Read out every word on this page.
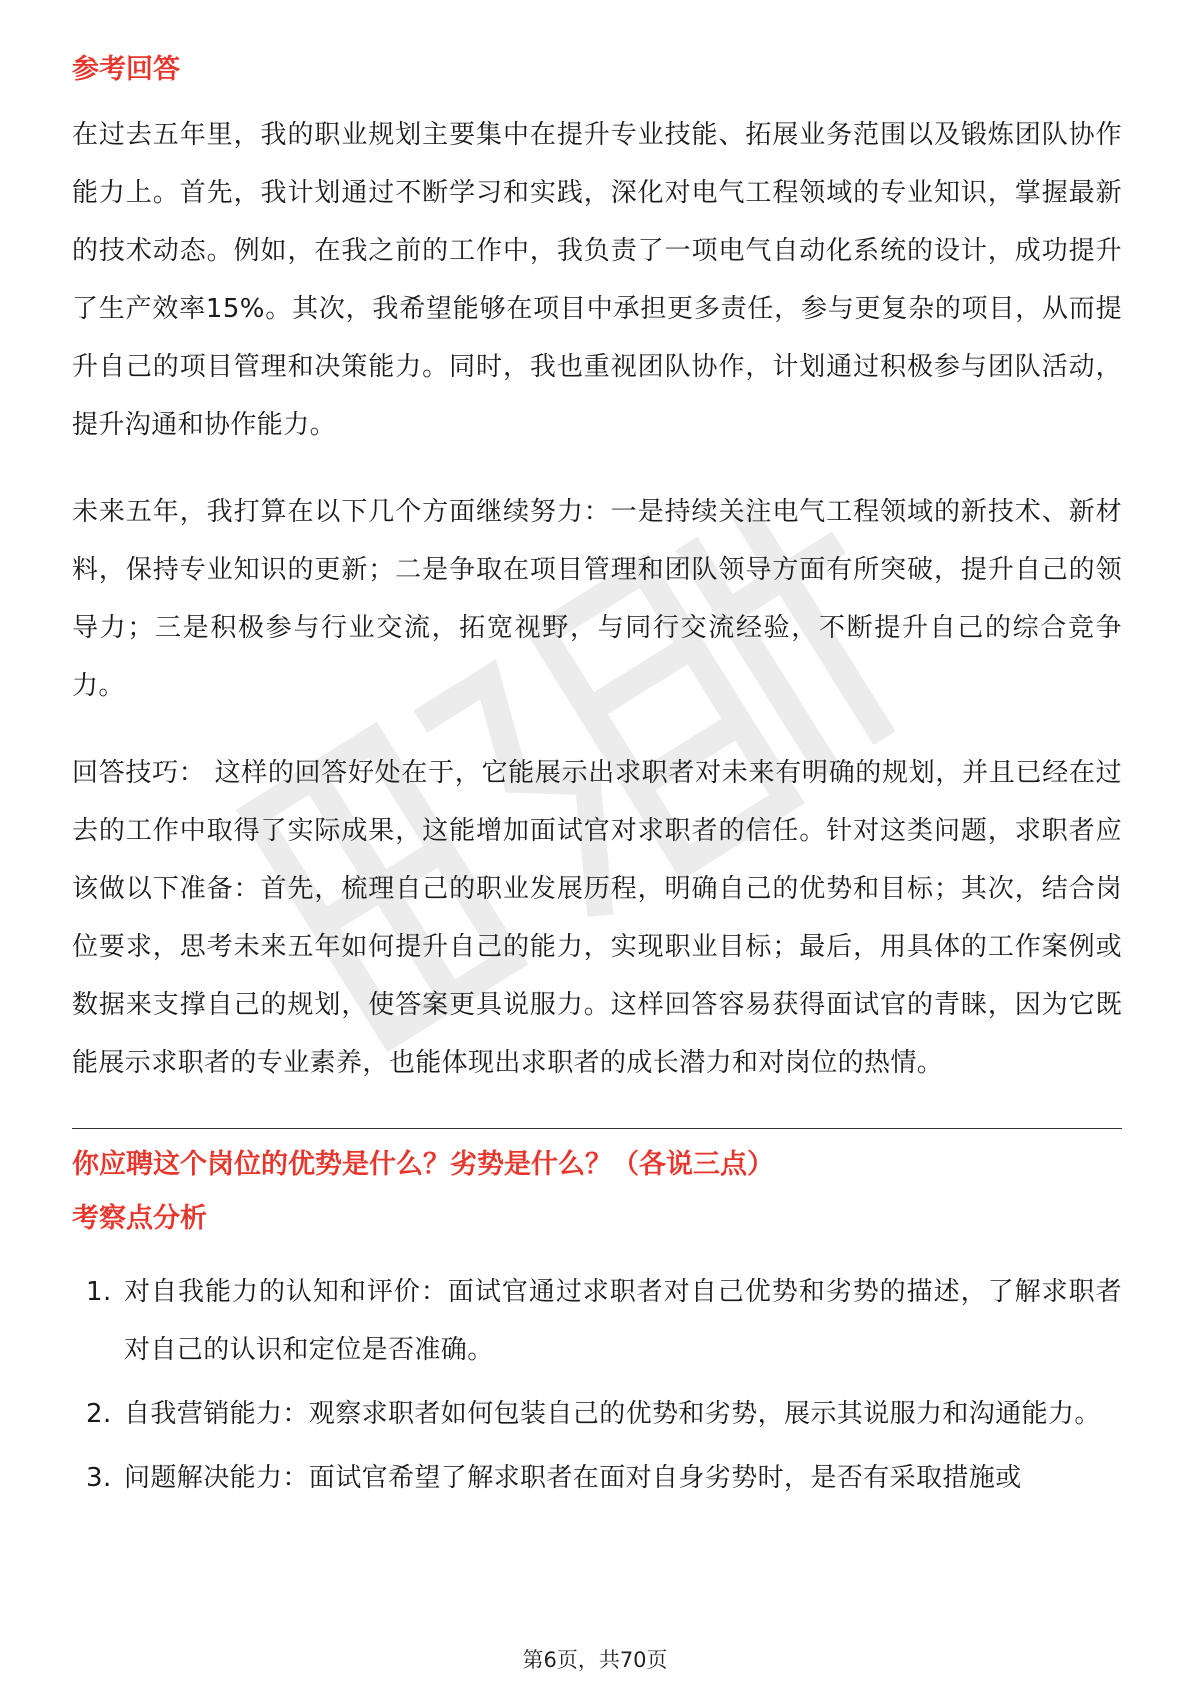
参考回答

在过去五年里，我的职业规划主要集中在提升专业技能、拓展业务范围以及锻炼团队协作能力上。首先，我计划通过不断学习和实践，深化对电气工程领域的专业知识，掌握最新的技术动态。例如，在我之前的工作中，我负责了一项电气自动化系统的设计，成功提升了生产效率15%。其次，我希望能够在项目中承担更多责任，参与更复杂的项目，从而提升自己的项目管理和决策能力。同时，我也重视团队协作，计划通过积极参与团队活动，提升沟通和协作能力。

未来五年，我打算在以下几个方面继续努力：一是持续关注电气工程领域的新技术、新材料，保持专业知识的更新；二是争取在项目管理和团队领导方面有所突破，提升自己的领导力；三是积极参与行业交流，拓宽视野，与同行交流经验，不断提升自己的综合竞争力。

回答技巧： 这样的回答好处在于，它能展示出求职者对未来有明确的规划，并且已经在过去的工作中取得了实际成果，这能增加面试官对求职者的信任。针对这类问题，求职者应该做以下准备：首先，梳理自己的职业发展历程，明确自己的优势和目标；其次，结合岗位要求，思考未来五年如何提升自己的能力，实现职业目标；最后，用具体的工作案例或数据来支撑自己的规划，使答案更具说服力。这样回答容易获得面试官的青睐，因为它既能展示求职者的专业素养，也能体现出求职者的成长潜力和对岗位的热情。

你应聘这个岗位的优势是什么？劣势是什么？（各说三点）

考察点分析

1. 对自我能力的认知和评价：面试官通过求职者对自己优势和劣势的描述，了解求职者对自己的认识和定位是否准确。
2. 自我营销能力：观察求职者如何包装自己的优势和劣势，展示其说服力和沟通能力。
3. 问题解决能力：面试官希望了解求职者在面对自身劣势时，是否有采取措施或
第6页，共70页
